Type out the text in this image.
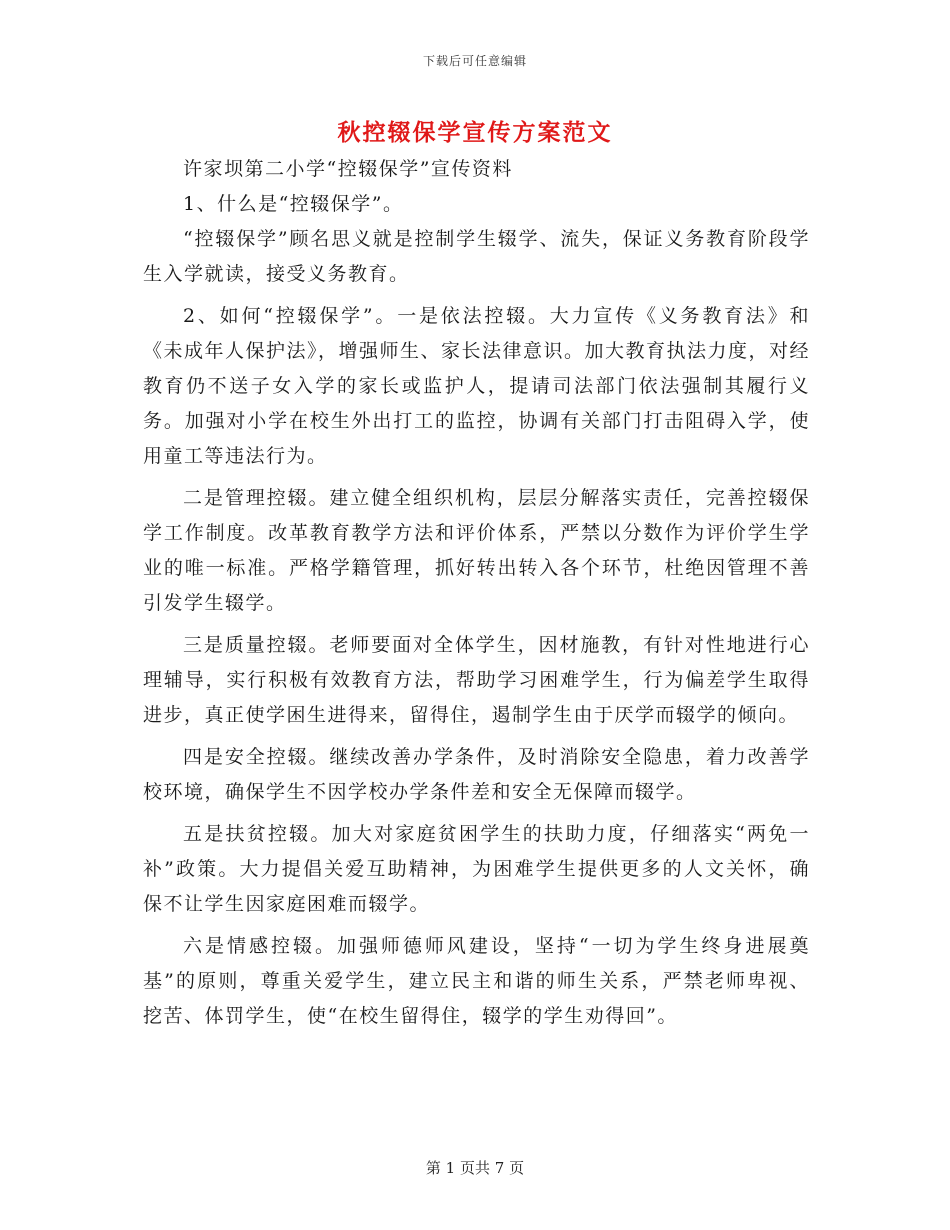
下载后可任意编辑
秋控辍保学宣传方案范文

许家坝第二小学“控辍保学”宣传资料

1、什么是“控辍保学”。

“控辍保学”顾名思义就是控制学生辍学、流失，保证义务教育阶段学生入学就读，接受义务教育。

2、如何“控辍保学”。一是依法控辍。大力宣传《义务教育法》和《未成年人保护法》，增强师生、家长法律意识。加大教育执法力度，对经教育仍不送子女入学的家长或监护人，提请司法部门依法强制其履行义务。加强对小学在校生外出打工的监控，协调有关部门打击阻碍入学，使用童工等违法行为。

二是管理控辍。建立健全组织机构，层层分解落实责任，完善控辍保学工作制度。改革教育教学方法和评价体系，严禁以分数作为评价学生学业的唯一标准。严格学籍管理，抓好转出转入各个环节，杜绝因管理不善引发学生辍学。

三是质量控辍。老师要面对全体学生，因材施教，有针对性地进行心理辅导，实行积极有效教育方法，帮助学习困难学生，行为偏差学生取得进步，真正使学困生进得来，留得住，遏制学生由于厌学而辍学的倾向。

四是安全控辍。继续改善办学条件，及时消除安全隐患，着力改善学校环境，确保学生不因学校办学条件差和安全无保障而辍学。

五是扶贫控辍。加大对家庭贫困学生的扶助力度，仔细落实“两免一补”政策。大力提倡关爱互助精神，为困难学生提供更多的人文关怀，确保不让学生因家庭困难而辍学。

六是情感控辍。加强师德师风建设，坚持“一切为学生终身进展奠基”的原则，尊重关爱学生，建立民主和谐的师生关系，严禁老师卑视、挖苦、体罚学生，使“在校生留得住，辍学的学生劝得回”。

第 1 页共 7 页
